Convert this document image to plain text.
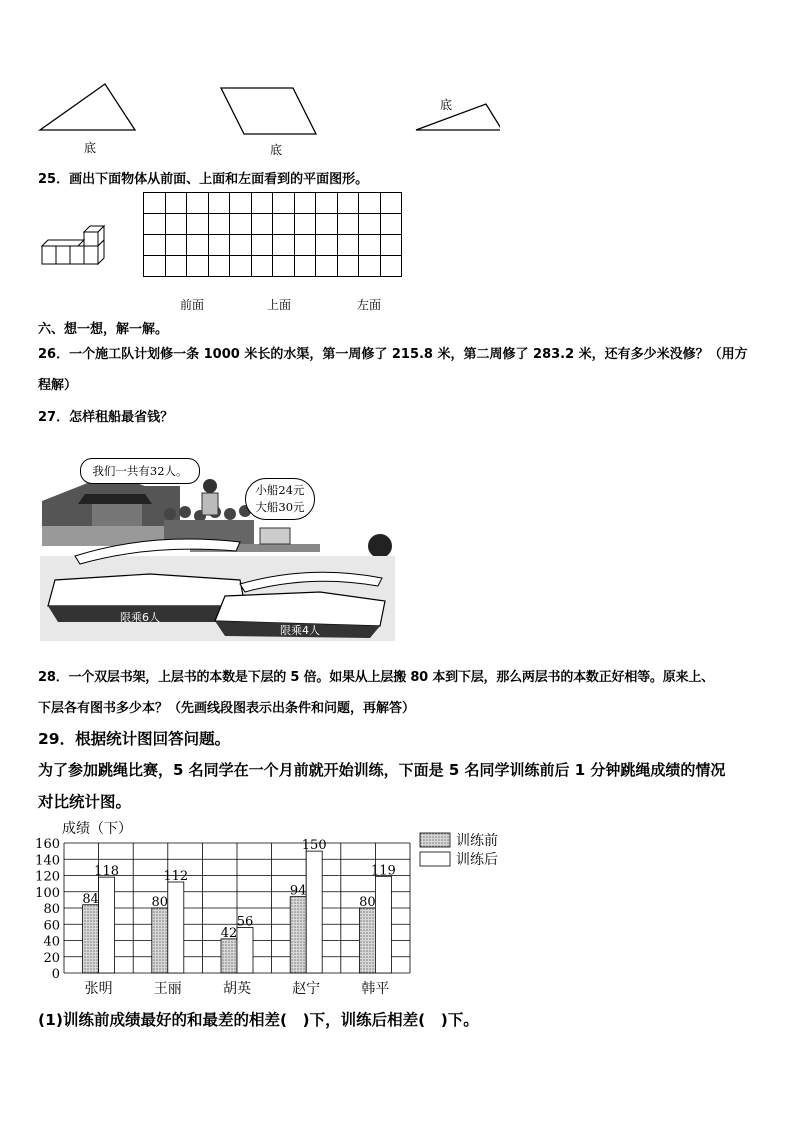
底	底
底
25．画出下面物体从前面、上面和左面看到的平面图形。

前面	上面	左面
六、想一想，解一解。
26．一个施工队计划修一条 1000 米长的水渠，第一周修了 215.8 米，第二周修了 283.2 米，还有多少米没修？（用方
程解）
27．怎样租船最省钱？
我们一共有32人。
小船24元
大船30元
限乘6人
限乘4人
28．一个双层书架，上层书的本数是下层的 5 倍。如果从上层搬 80 本到下层，那么两层书的本数正好相等。原来上、
下层各有图书多少本？（先画线段图表示出条件和问题，再解答）
29．根据统计图回答问题。
为了参加跳绳比赛，5 名同学在一个月前就开始训练，下面是 5 名同学训练前后 1 分钟跳绳成绩的情况
对比统计图。
成绩（下）
0
20
40
60
80
100
120
140
160
84
118
张明
80
112
王丽
42
56
胡英
94
150
赵宁
80
119
韩平
训练前
训练后
(1)训练前成绩最好的和最差的相差(　)下，训练后相差(　)下。
